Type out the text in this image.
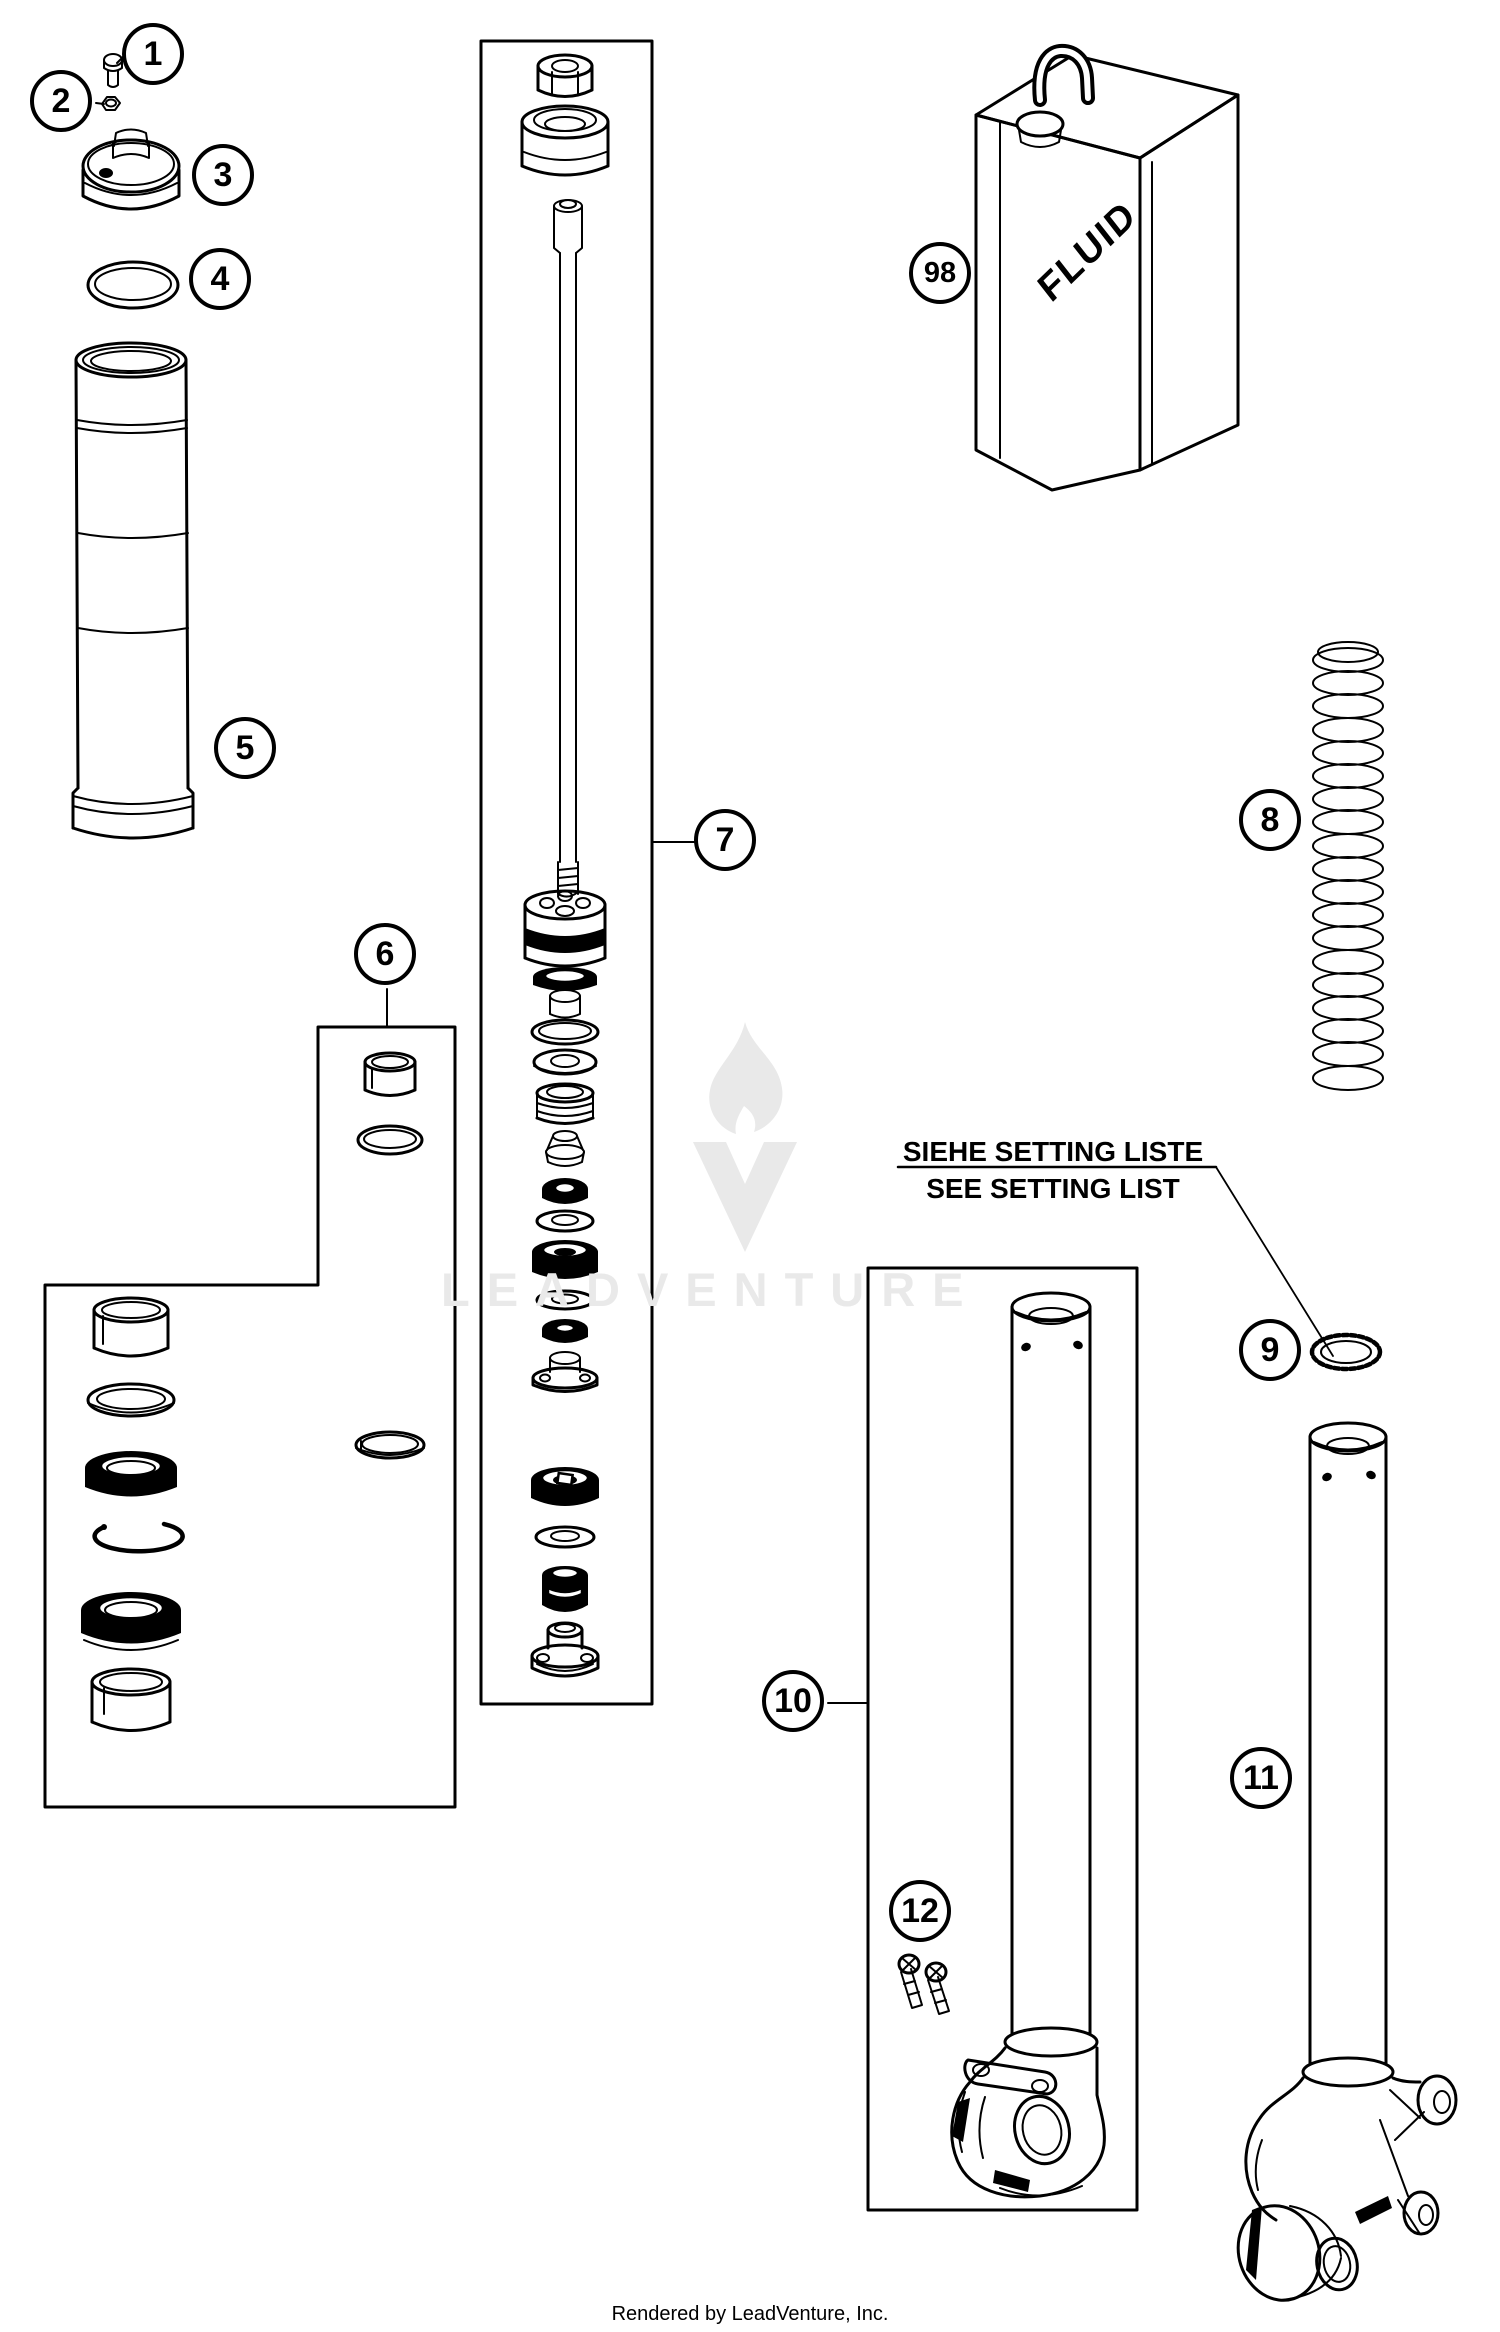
1
2
3
4
5
6
7
8
9
10
11
12
98
SIEHE SETTING LISTE
SEE SETTING LIST
FLUID
LEADVENTURE
Rendered by LeadVenture, Inc.
